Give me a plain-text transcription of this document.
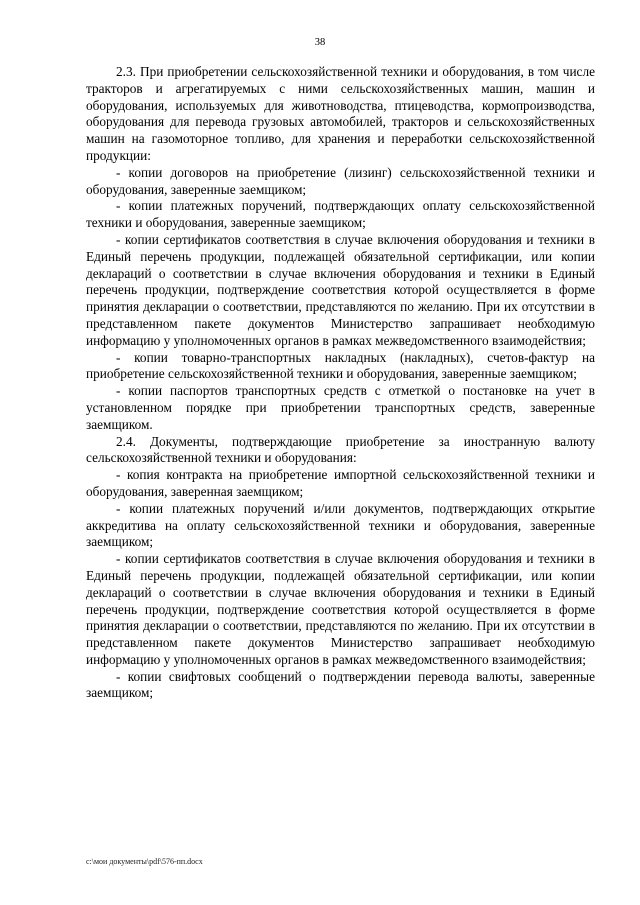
38

2.3. При приобретении сельскохозяйственной техники и оборудования, в том числе тракторов и агрегатируемых с ними сельскохозяйственных машин, машин и оборудования, используемых для животноводства, птицеводства, кормопроизводства, оборудования для перевода грузовых автомобилей, тракторов и сельскохозяйственных машин на газомоторное топливо, для хранения и переработки сельскохозяйственной продукции:

- копии договоров на приобретение (лизинг) сельскохозяйственной техники и оборудования, заверенные заемщиком;

- копии платежных поручений, подтверждающих оплату сельскохозяйственной техники и оборудования, заверенные заемщиком;

- копии сертификатов соответствия в случае включения оборудования и техники в Единый перечень продукции, подлежащей обязательной сертификации, или копии деклараций о соответствии в случае включения оборудования и техники в Единый перечень продукции, подтверждение соответствия которой осуществляется в форме принятия декларации о соответствии, представляются по желанию. При их отсутствии в представленном пакете документов Министерство запрашивает необходимую информацию у уполномоченных органов в рамках межведомственного взаимодействия;

- копии товарно-транспортных накладных (накладных), счетов-фактур на приобретение сельскохозяйственной техники и оборудования, заверенные заемщиком;

- копии паспортов транспортных средств с отметкой о постановке на учет в установленном порядке при приобретении транспортных средств, заверенные заемщиком.

2.4. Документы, подтверждающие приобретение за иностранную валюту сельскохозяйственной техники и оборудования:

- копия контракта на приобретение импортной сельскохозяйственной техники и оборудования, заверенная заемщиком;

- копии платежных поручений и/или документов, подтверждающих открытие аккредитива на оплату сельскохозяйственной техники и оборудования, заверенные заемщиком;

- копии сертификатов соответствия в случае включения оборудования и техники в Единый перечень продукции, подлежащей обязательной сертификации, или копии деклараций о соответствии в случае включения оборудования и техники в Единый перечень продукции, подтверждение соответствия которой осуществляется в форме принятия декларации о соответствии, представляются по желанию. При их отсутствии в представленном пакете документов Министерство запрашивает необходимую информацию у уполномоченных органов в рамках межведомственного взаимодействия;

- копии свифтовых сообщений о подтверждении перевода валюты, заверенные заемщиком;

c:\мои документы\pdf\576-пп.docx
